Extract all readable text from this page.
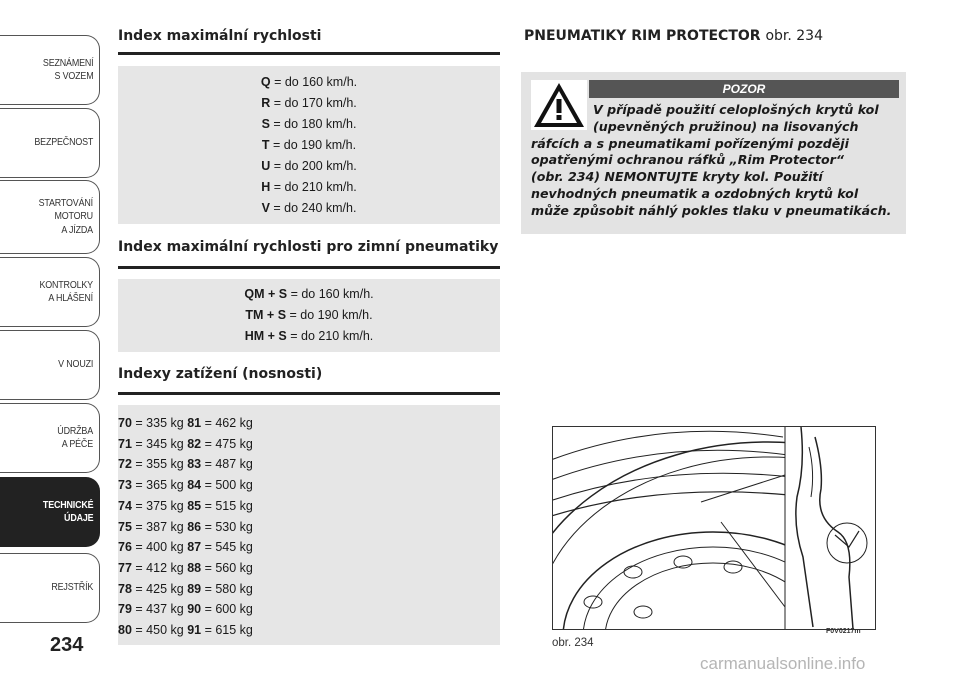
SEZNÁMENÍ
S VOZEM
BEZPEČNOST
STARTOVÁNÍ
MOTORU
A JÍZDA
KONTROLKY
A HLÁŠENÍ
V NOUZI
ÚDRŽBA
A PÉČE
TECHNICKÉ
ÚDAJE
REJSTŘÍK
234
Index maximální rychlosti
Q = do 160 km/h.
R = do 170 km/h.
S = do 180 km/h.
T = do 190 km/h.
U = do 200 km/h.
H = do 210 km/h.
V = do 240 km/h.
Index maximální rychlosti pro zimní pneumatiky
QM + S = do 160 km/h.
TM + S = do 190 km/h.
HM + S = do 210 km/h.
Indexy zatížení (nosnosti)
70 = 335 kg 81 = 462 kg
71 = 345 kg 82 = 475 kg
72 = 355 kg 83 = 487 kg
73 = 365 kg 84 = 500 kg
74 = 375 kg 85 = 515 kg
75 = 387 kg 86 = 530 kg
76 = 400 kg 87 = 545 kg
77 = 412 kg 88 = 560 kg
78 = 425 kg 89 = 580 kg
79 = 437 kg 90 = 600 kg
80 = 450 kg 91 = 615 kg
PNEUMATIKY RIM PROTECTOR obr. 234
POZOR
V případě použití celoplošných krytů kol
(upevněných pružinou) na lisovaných
ráfcích a s pneumatikami pořízenými později
opatřenými ochranou ráfků „Rim Protector“
(obr. 234) NEMONTUJTE kryty kol. Použití
nevhodných pneumatik a ozdobných krytů kol
může způsobit náhlý pokles tlaku v pneumatikách.
obr. 234
F0V0217m
carmanualsonline.info
